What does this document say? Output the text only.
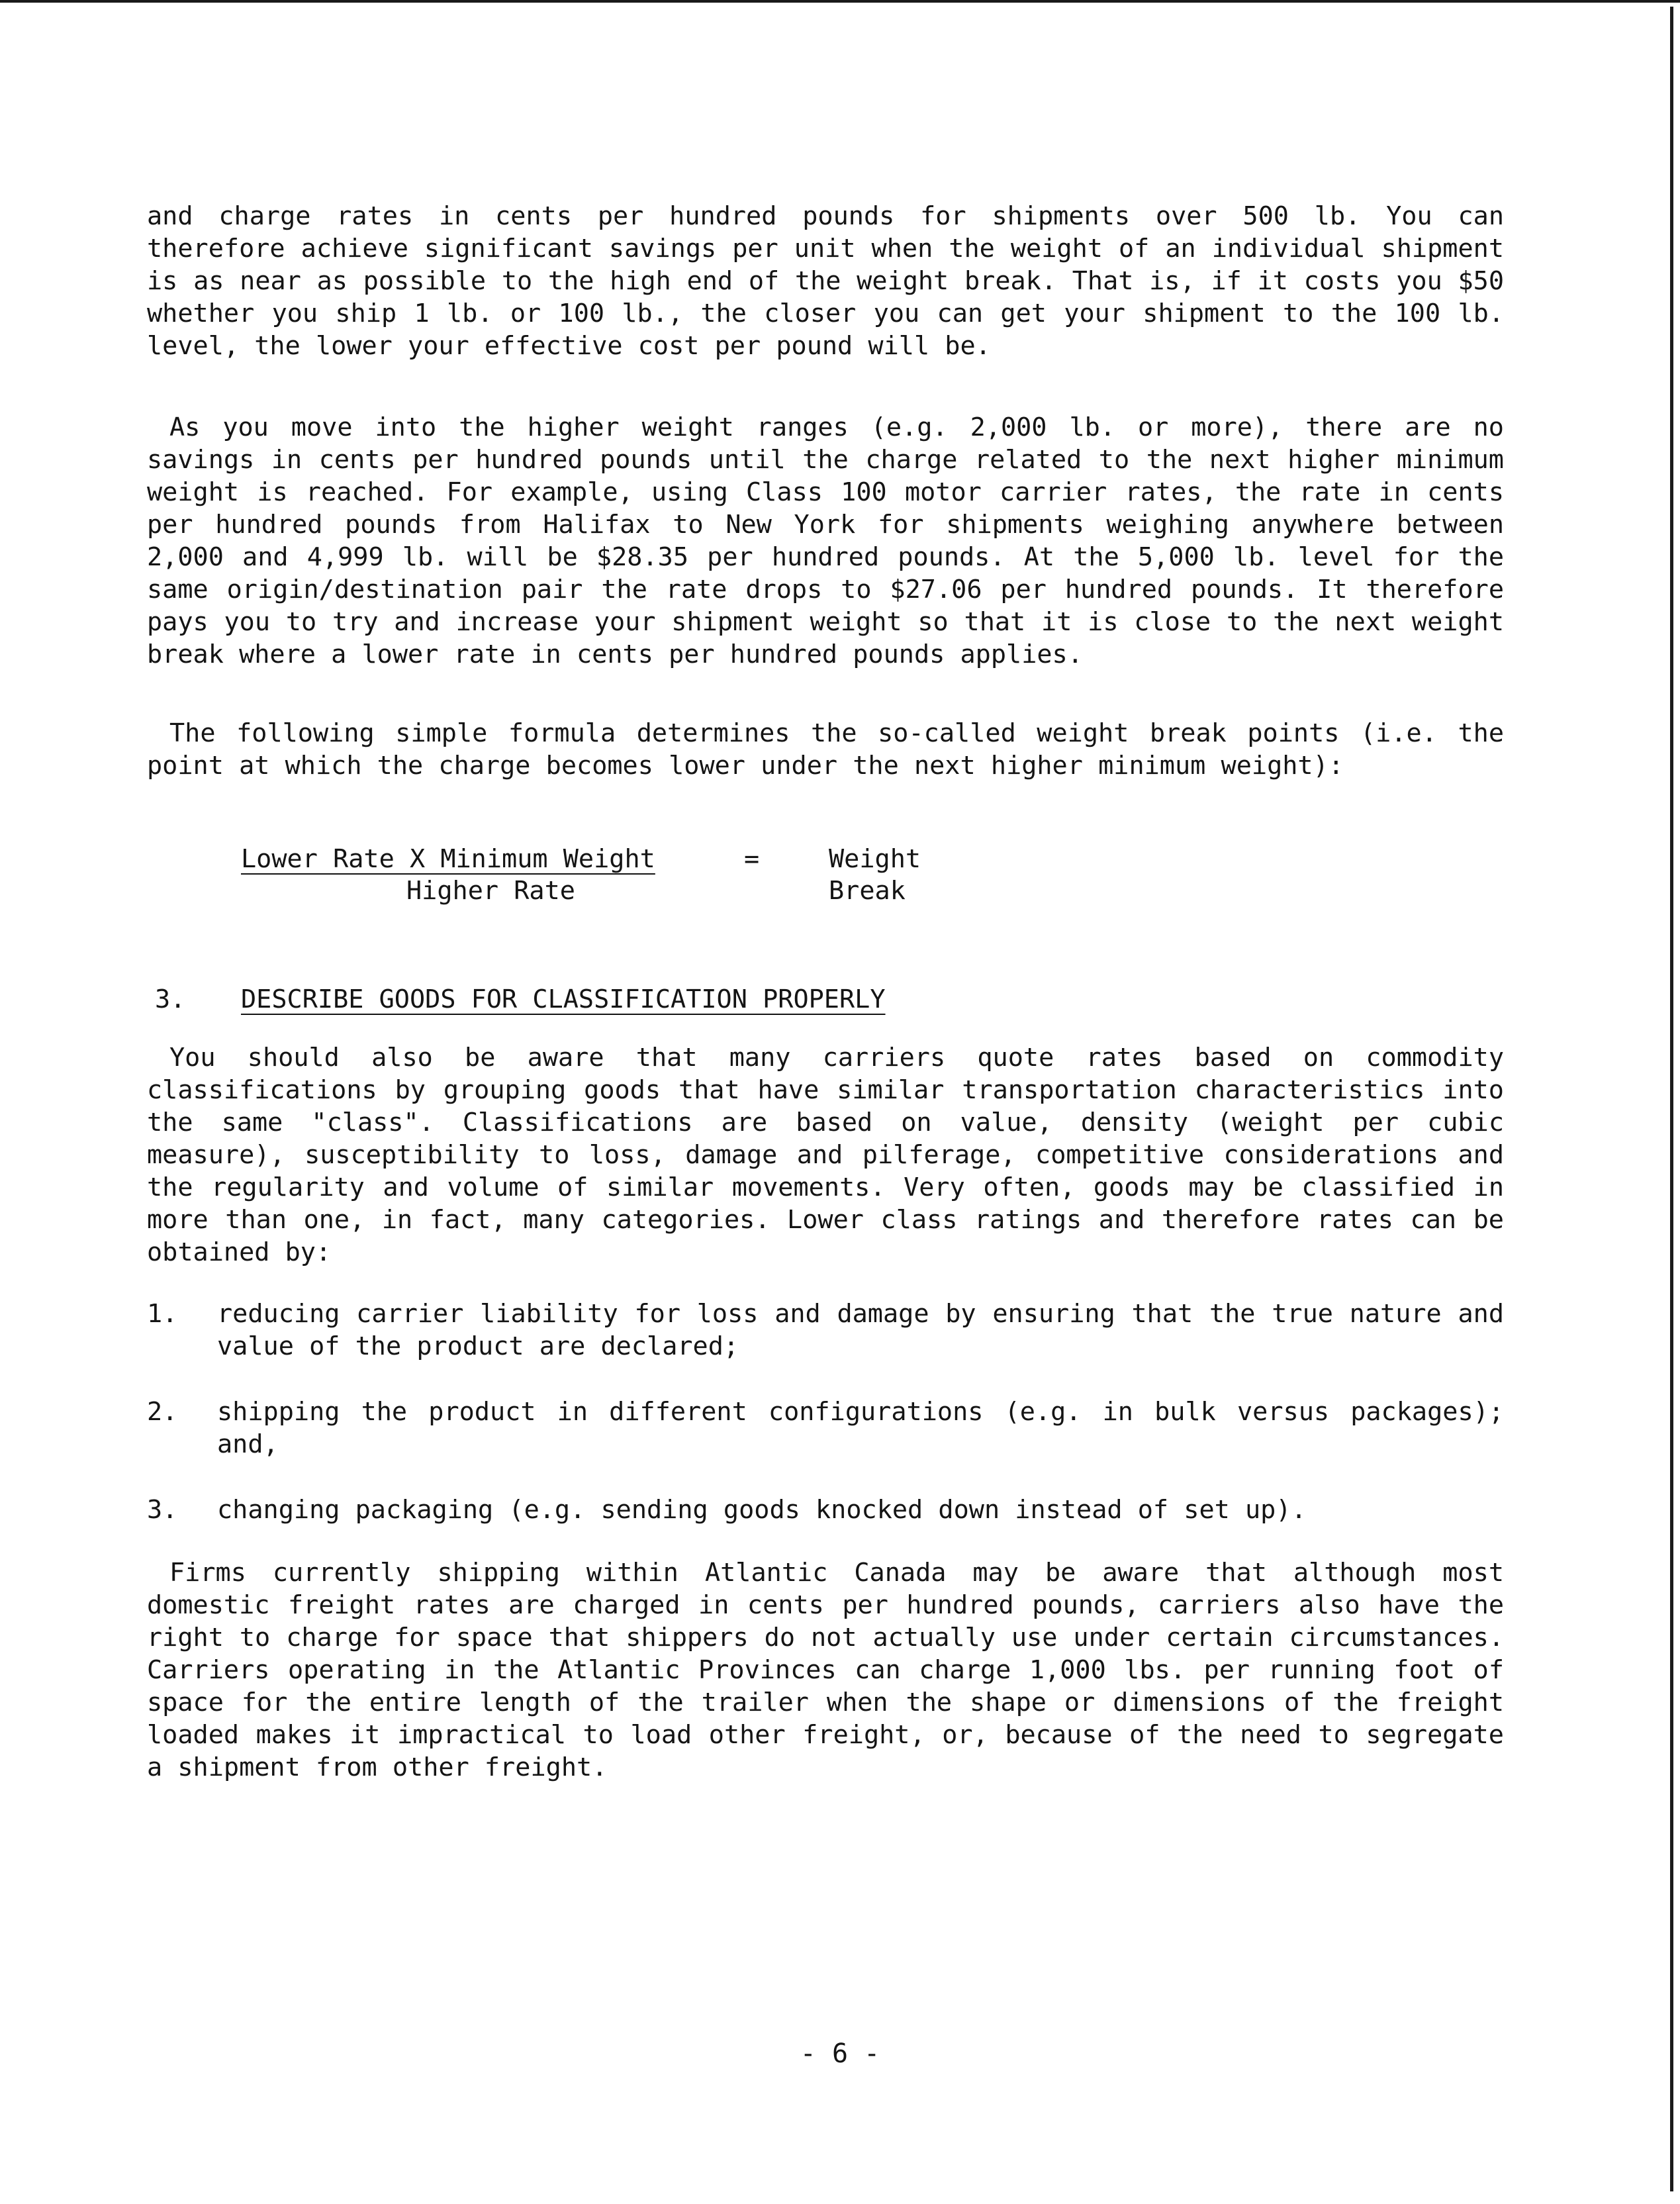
and charge rates in cents per hundred pounds for shipments over 500 lb. You can therefore achieve significant savings per unit when the weight of an individual shipment is as near as possible to the high end of the weight break. That is, if it costs you $50 whether you ship 1 lb. or 100 lb., the closer you can get your shipment to the 100 lb. level, the lower your effective cost per pound will be.

As you move into the higher weight ranges (e.g. 2,000 lb. or more), there are no savings in cents per hundred pounds until the charge related to the next higher minimum weight is reached. For example, using Class 100 motor carrier rates, the rate in cents per hundred pounds from Halifax to New York for shipments weighing anywhere between 2,000 and 4,999 lb. will be $28.35 per hundred pounds. At the 5,000 lb. level for the same origin/destination pair the rate drops to $27.06 per hundred pounds. It therefore pays you to try and increase your shipment weight so that it is close to the next weight break where a lower rate in cents per hundred pounds applies.

The following simple formula determines the so-called weight break points (i.e. the point at which the charge becomes lower under the next higher minimum weight):

Lower Rate X Minimum Weight
Higher Rate
=	Weight
Break
3. DESCRIBE GOODS FOR CLASSIFICATION PROPERLY

You should also be aware that many carriers quote rates based on commodity classifications by grouping goods that have similar transportation characteristics into the same "class". Classifications are based on value, density (weight per cubic measure), susceptibility to loss, damage and pilferage, competitive considerations and the regularity and volume of similar movements. Very often, goods may be classified in more than one, in fact, many categories. Lower class ratings and therefore rates can be obtained by:

1. reducing carrier liability for loss and damage by ensuring that the true nature and value of the product are declared;
2. shipping the product in different configurations (e.g. in bulk versus packages); and,
3. changing packaging (e.g. sending goods knocked down instead of set up).

Firms currently shipping within Atlantic Canada may be aware that although most domestic freight rates are charged in cents per hundred pounds, carriers also have the right to charge for space that shippers do not actually use under certain circumstances. Carriers operating in the Atlantic Provinces can charge 1,000 lbs. per running foot of space for the entire length of the trailer when the shape or dimensions of the freight loaded makes it impractical to load other freight, or, because of the need to segregate a shipment from other freight.

- 6 -
